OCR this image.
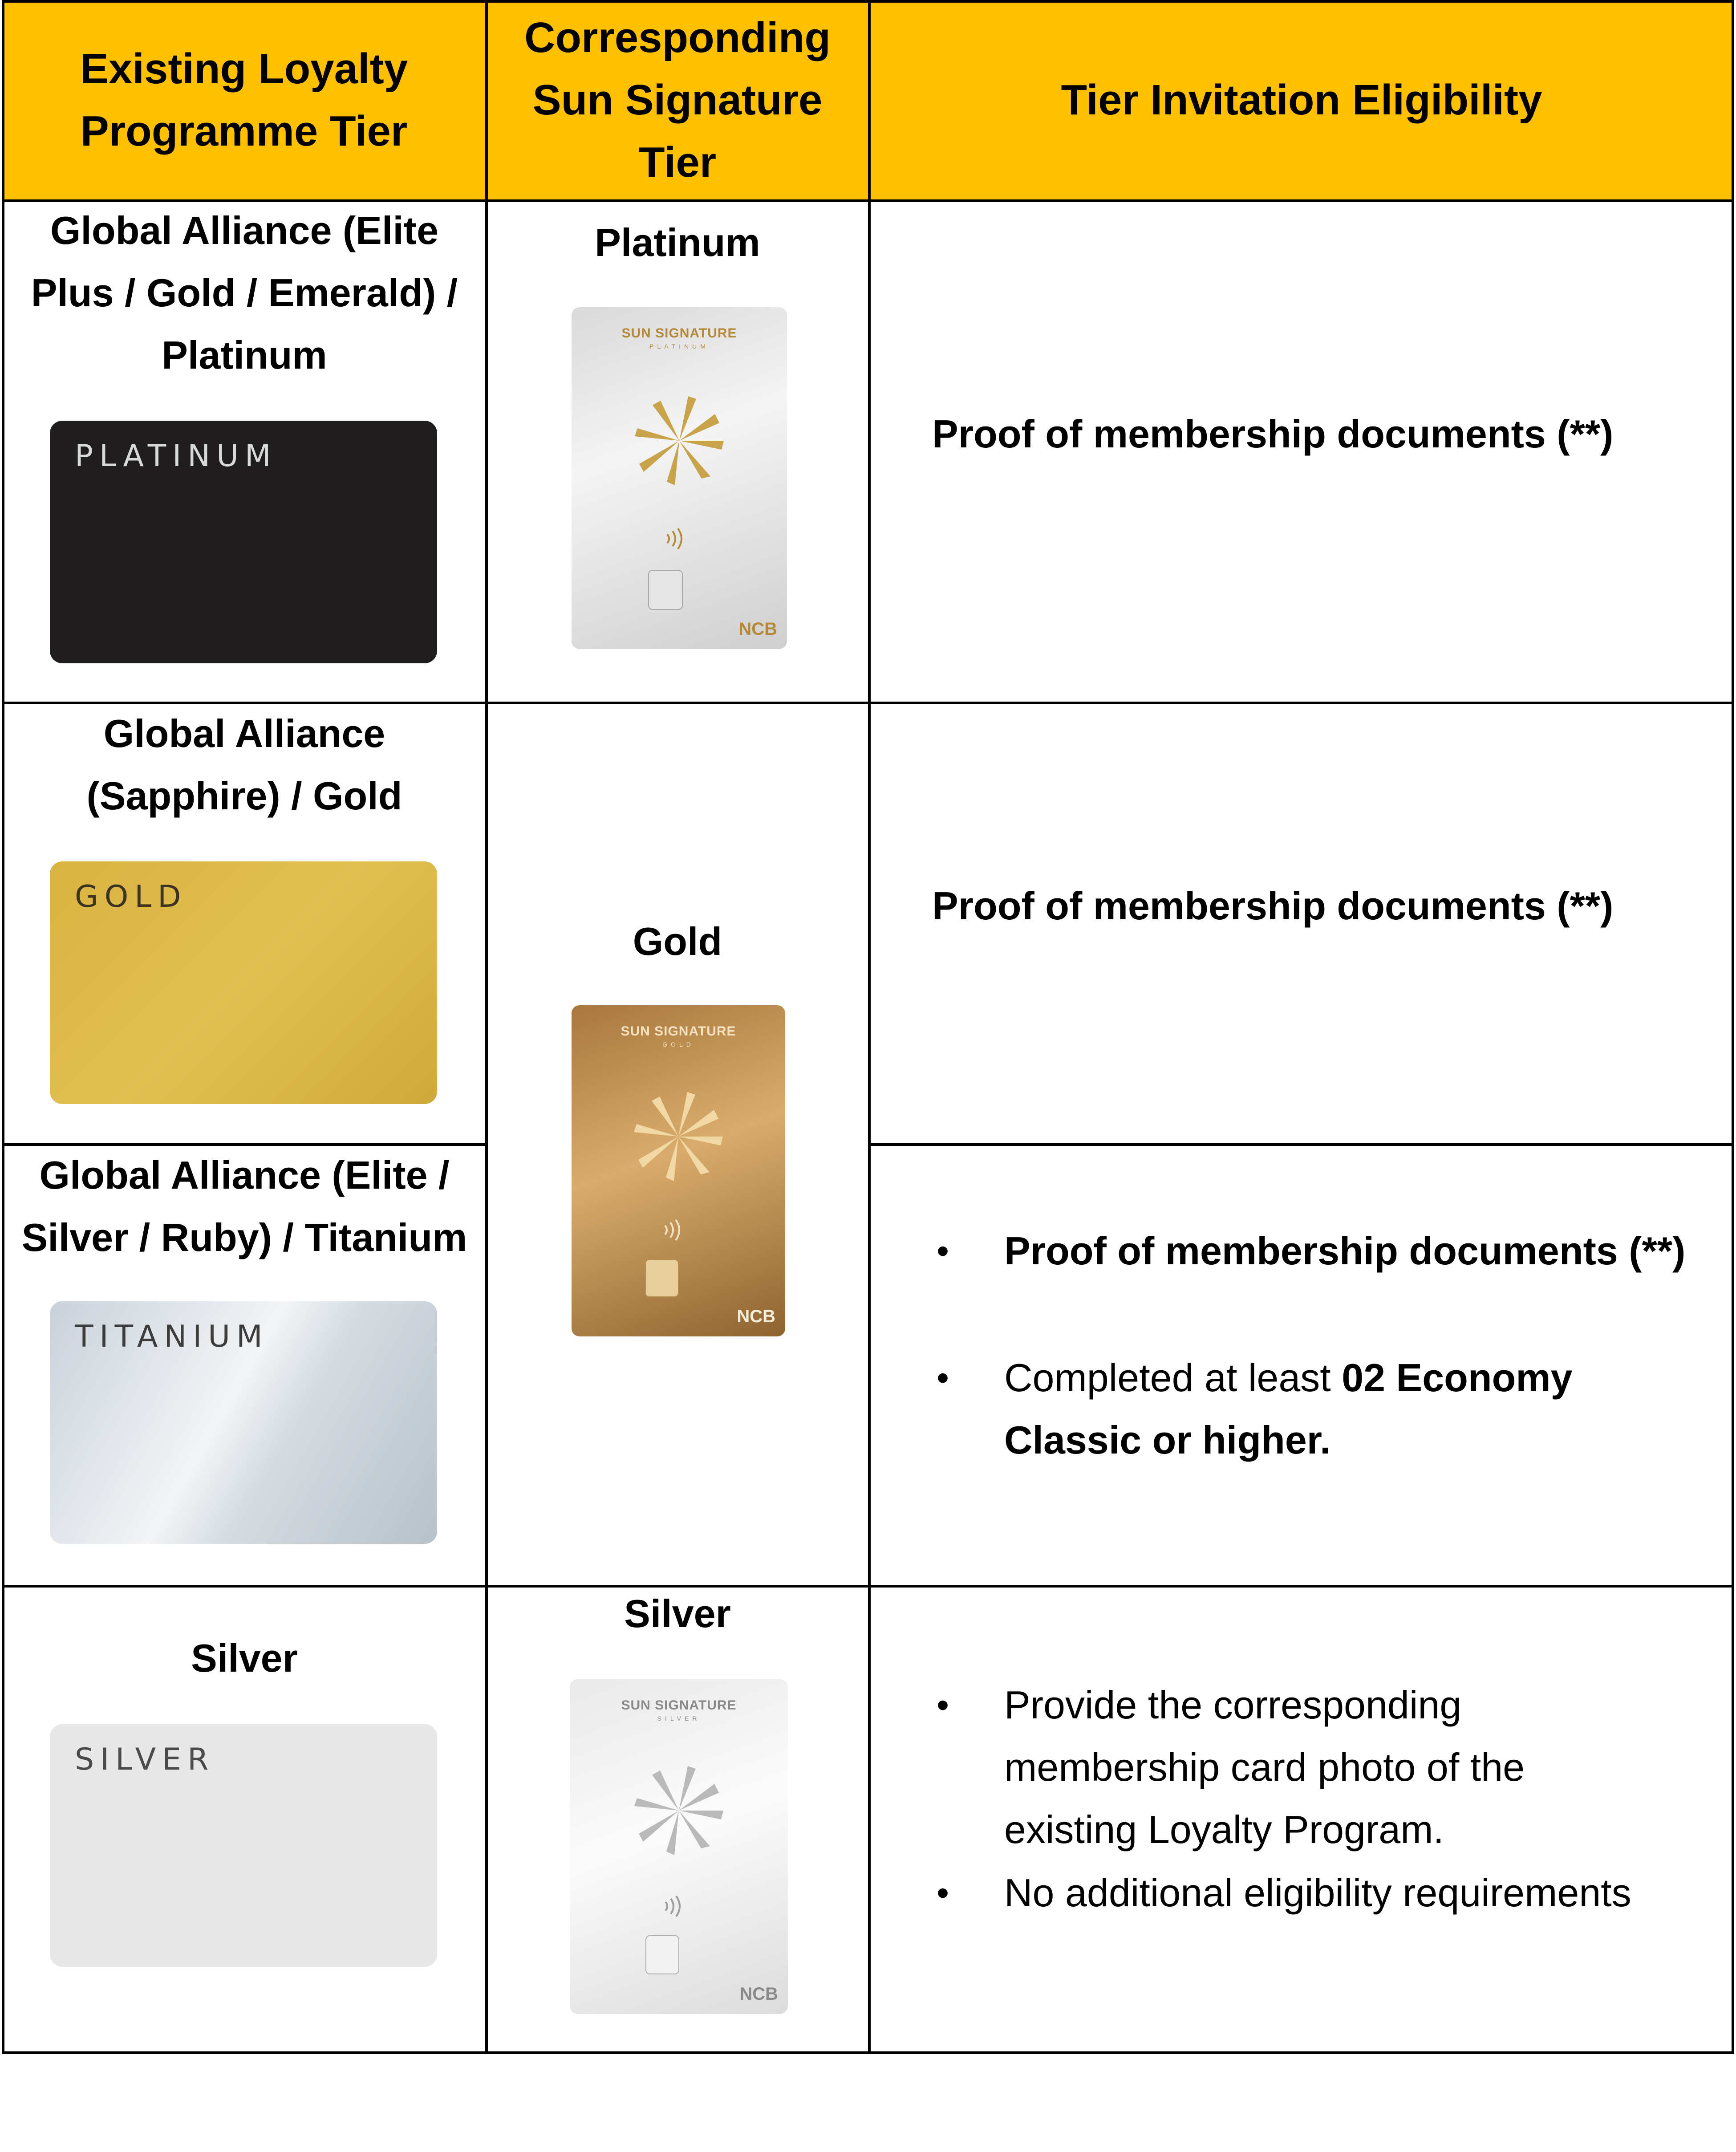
Existing Loyalty Programme Tier
Corresponding Sun Signature Tier
Tier Invitation Eligibility
Global Alliance (Elite Plus / Gold / Emerald) / Platinum
PLATINUM
Platinum
SUN SIGNATURE
PLATINUM
NCB
Proof of membership documents (**)
Global Alliance (Sapphire) / Gold
GOLD
Gold
SUN SIGNATURE
GOLD
NCB
Proof of membership documents (**)
Global Alliance (Elite / Silver / Ruby) / Titanium
TITANIUM
• Proof of membership documents (**)
• Completed at least 02 Economy Classic or higher.
Silver
SILVER
Silver
SUN SIGNATURE
SILVER
NCB
• Provide the corresponding membership card photo of the existing Loyalty Program.
• No additional eligibility requirements
